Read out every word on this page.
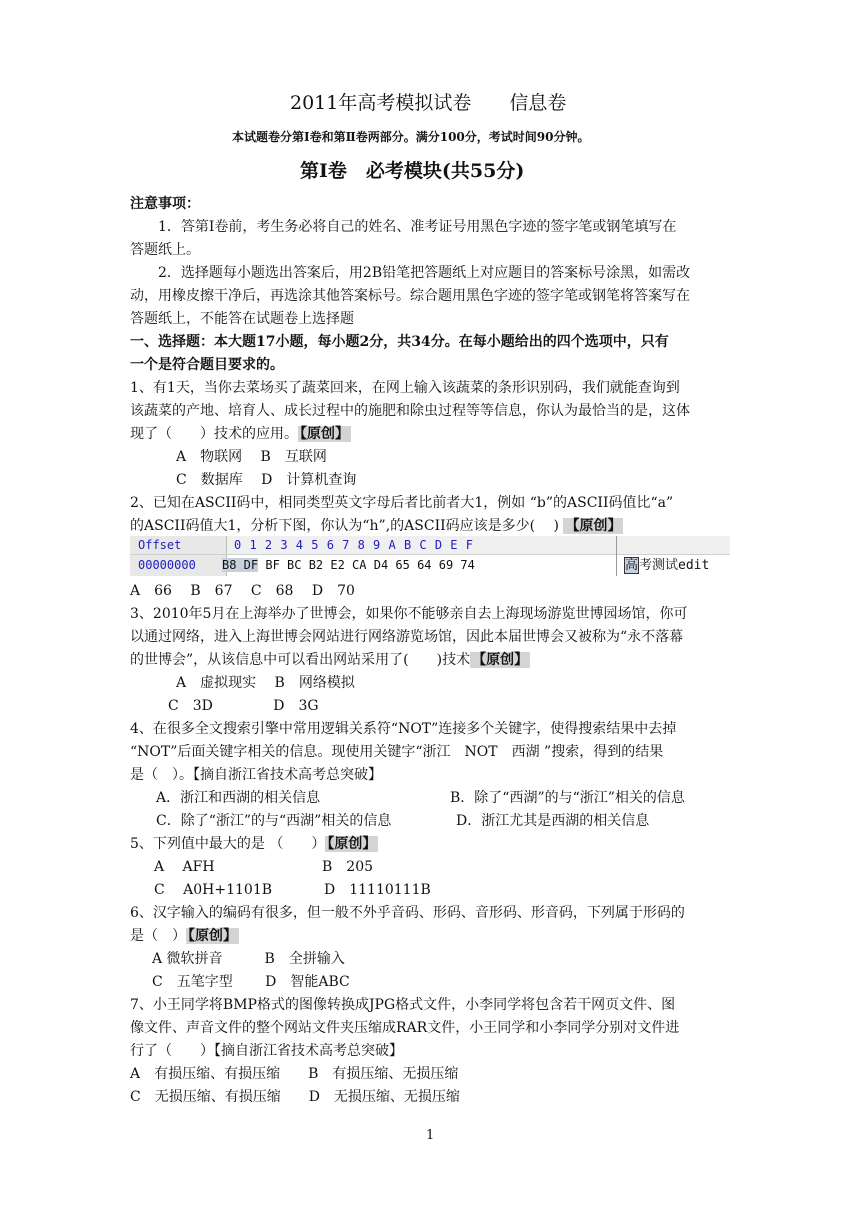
2011年高考模拟试卷　　信息卷
本试题卷分第Ⅰ卷和第Ⅱ卷两部分。满分100分，考试时间90分钟。
第Ⅰ卷　必考模块(共55分)
注意事项：
1．答第Ⅰ卷前，考生务必将自己的姓名、准考证号用黑色字迹的签字笔或钢笔填写在
答题纸上。
2．选择题每小题选出答案后，用2B铅笔把答题纸上对应题目的答案标号涂黑，如需改
动，用橡皮擦干净后，再选涂其他答案标号。综合题用黑色字迹的签字笔或钢笔将答案写在
答题纸上，不能答在试题卷上选择题
一、选择题：本大题17小题，每小题2分，共34分。在每小题给出的四个选项中，只有
一个是符合题目要求的。
1、有1天，当你去菜场买了蔬菜回来，在网上输入该蔬菜的条形识别码，我们就能查询到
该蔬菜的产地、培育人、成长过程中的施肥和除虫过程等等信息，你认为最恰当的是，这体
现了（　　）技术的应用。 【原创】
A　物联网　 B　互联网
C　数据库　 D　计算机查询
2、已知在ASCII码中，相同类型英文字母后者比前者大1，例如 “b”的ASCII码值比“a”
的ASCII码值大1，分析下图，你认为“h”,的ASCII码应该是多少(　 ) 【原创】
Offset	0 1 2 3 4 5 6 7 8 9 A B C D E F
00000000	B8 DF BF BC B2 E2 CA D4 65 64 69 74	高考测试edit
A　66　 B　67　 C　68　 D　70
3、2010年5月在上海举办了世博会，如果你不能够亲自去上海现场游览世博园场馆，你可
以通过网络，进入上海世博会网站进行网络游览场馆，因此本届世博会又被称为“永不落幕
的世博会”，从该信息中可以看出网站采用了(　　)技术 【原创】
A　虚拟现实　 B　网络模拟
C　3D　　　　 D　3G
4、在很多全文搜索引擎中常用逻辑关系符“NOT”连接多个关键字，使得搜索结果中去掉
“NOT”后面关键字相关的信息。现使用关键字“浙江　NOT　西湖 ”搜索，得到的结果
是（　）。【摘自浙江省技术高考总突破】
A．浙江和西湖的相关信息	B．除了“西湖”的与“浙江”相关的信息
C．除了“浙江”的与“西湖”相关的信息	D．浙江尤其是西湖的相关信息
5、下列值中最大的是 （　　） 【原创】
A　 AFH	B　205
C　 A0H+1101B	D　11110111B
6、汉字输入的编码有很多，但一般不外乎音码、形码、音形码、形音码，下列属于形码的
是（　） 【原创】
A 微软拼音　　　B　全拼输入
C　五笔字型　　 D　智能ABC
7、小王同学将BMP格式的图像转换成JPG格式文件，小李同学将包含若干网页文件、图
像文件、声音文件的整个网站文件夹压缩成RAR文件，小王同学和小李同学分别对文件进
行了（　　）【摘自浙江省技术高考总突破】
A　有损压缩、有损压缩　　B　有损压缩、无损压缩
C　无损压缩、有损压缩　　D　无损压缩、无损压缩
1
